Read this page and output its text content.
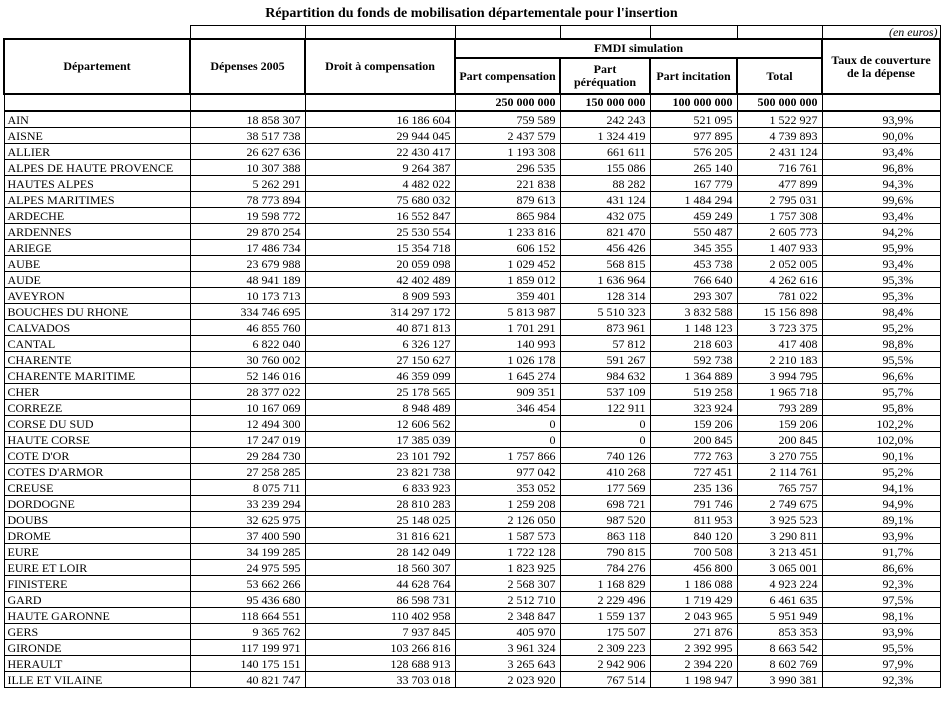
Répartition du fonds de mobilisation départementale pour l'insertion
							(en euros)
Département	Dépenses 2005	Droit à compensation	FMDI simulation				Taux de couverture de la dépense
			Part compensation	Part péréquation	Part incitation	Total	
			250 000 000	150 000 000	100 000 000	500 000 000	
AIN	18 858 307	16 186 604	759 589	242 243	521 095	1 522 927	93,9%
AISNE	38 517 738	29 944 045	2 437 579	1 324 419	977 895	4 739 893	90,0%
ALLIER	26 627 636	22 430 417	1 193 308	661 611	576 205	2 431 124	93,4%
ALPES DE HAUTE PROVENCE	10 307 388	9 264 387	296 535	155 086	265 140	716 761	96,8%
HAUTES ALPES	5 262 291	4 482 022	221 838	88 282	167 779	477 899	94,3%
ALPES MARITIMES	78 773 894	75 680 032	879 613	431 124	1 484 294	2 795 031	99,6%
ARDECHE	19 598 772	16 552 847	865 984	432 075	459 249	1 757 308	93,4%
ARDENNES	29 870 254	25 530 554	1 233 816	821 470	550 487	2 605 773	94,2%
ARIEGE	17 486 734	15 354 718	606 152	456 426	345 355	1 407 933	95,9%
AUBE	23 679 988	20 059 098	1 029 452	568 815	453 738	2 052 005	93,4%
AUDE	48 941 189	42 402 489	1 859 012	1 636 964	766 640	4 262 616	95,3%
AVEYRON	10 173 713	8 909 593	359 401	128 314	293 307	781 022	95,3%
BOUCHES DU RHONE	334 746 695	314 297 172	5 813 987	5 510 323	3 832 588	15 156 898	98,4%
CALVADOS	46 855 760	40 871 813	1 701 291	873 961	1 148 123	3 723 375	95,2%
CANTAL	6 822 040	6 326 127	140 993	57 812	218 603	417 408	98,8%
CHARENTE	30 760 002	27 150 627	1 026 178	591 267	592 738	2 210 183	95,5%
CHARENTE MARITIME	52 146 016	46 359 099	1 645 274	984 632	1 364 889	3 994 795	96,6%
CHER	28 377 022	25 178 565	909 351	537 109	519 258	1 965 718	95,7%
CORREZE	10 167 069	8 948 489	346 454	122 911	323 924	793 289	95,8%
CORSE DU SUD	12 494 300	12 606 562	0	0	159 206	159 206	102,2%
HAUTE CORSE	17 247 019	17 385 039	0	0	200 845	200 845	102,0%
COTE D'OR	29 284 730	23 101 792	1 757 866	740 126	772 763	3 270 755	90,1%
COTES D'ARMOR	27 258 285	23 821 738	977 042	410 268	727 451	2 114 761	95,2%
CREUSE	8 075 711	6 833 923	353 052	177 569	235 136	765 757	94,1%
DORDOGNE	33 239 294	28 810 283	1 259 208	698 721	791 746	2 749 675	94,9%
DOUBS	32 625 975	25 148 025	2 126 050	987 520	811 953	3 925 523	89,1%
DROME	37 400 590	31 816 621	1 587 573	863 118	840 120	3 290 811	93,9%
EURE	34 199 285	28 142 049	1 722 128	790 815	700 508	3 213 451	91,7%
EURE ET LOIR	24 975 595	18 560 307	1 823 925	784 276	456 800	3 065 001	86,6%
FINISTERE	53 662 266	44 628 764	2 568 307	1 168 829	1 186 088	4 923 224	92,3%
GARD	95 436 680	86 598 731	2 512 710	2 229 496	1 719 429	6 461 635	97,5%
HAUTE GARONNE	118 664 551	110 402 958	2 348 847	1 559 137	2 043 965	5 951 949	98,1%
GERS	9 365 762	7 937 845	405 970	175 507	271 876	853 353	93,9%
GIRONDE	117 199 971	103 266 816	3 961 324	2 309 223	2 392 995	8 663 542	95,5%
HERAULT	140 175 151	128 688 913	3 265 643	2 942 906	2 394 220	8 602 769	97,9%
ILLE ET VILAINE	40 821 747	33 703 018	2 023 920	767 514	1 198 947	3 990 381	92,3%
